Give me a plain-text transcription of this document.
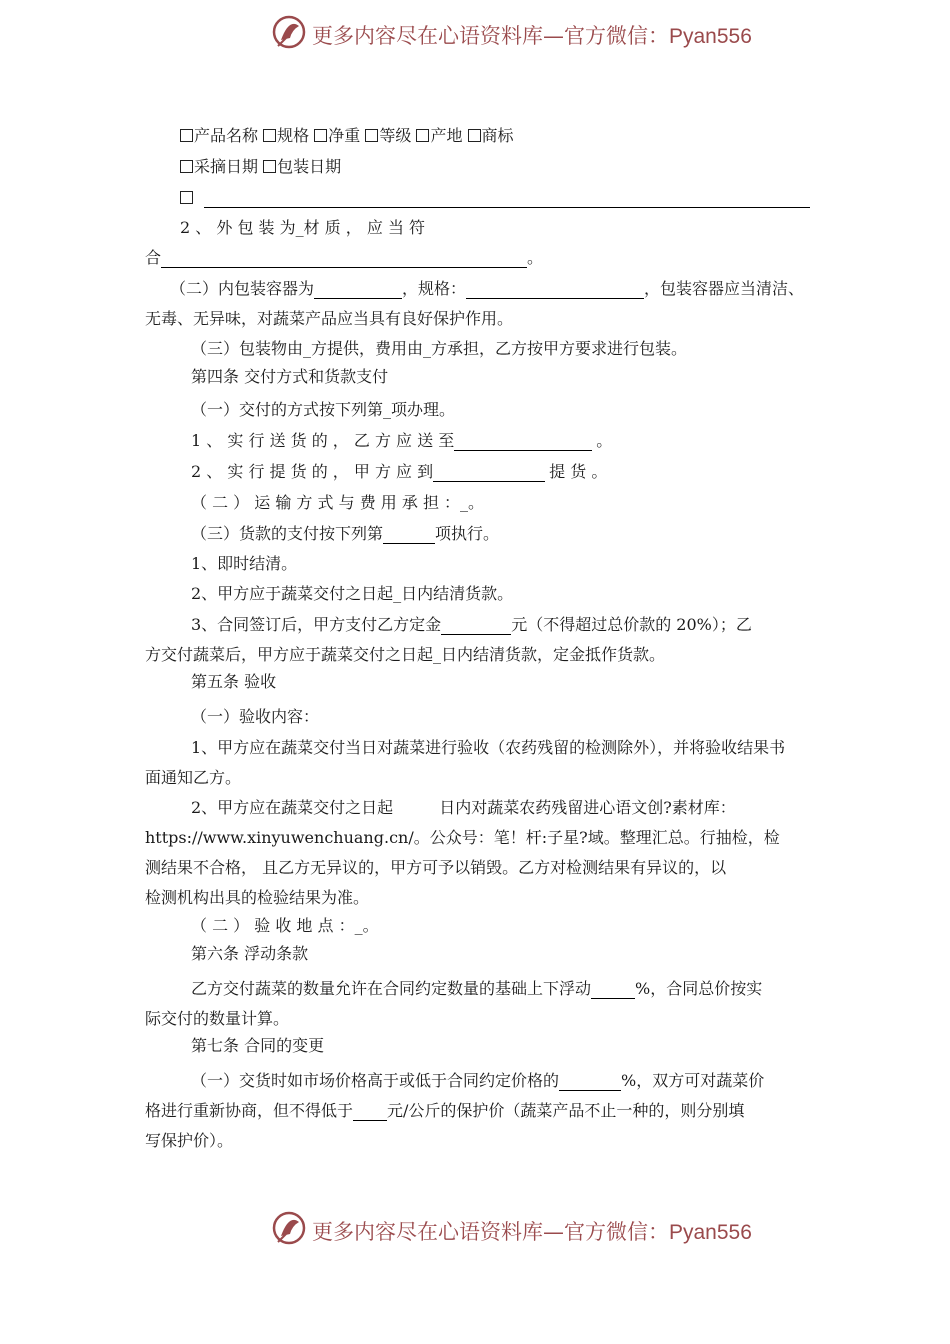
更多内容尽在心语资料库—官方微信：Pyan556
产品名称 规格 净重 等级 产地 商标
采摘日期 包装日期
2 、 外 包 装 为_材 质 ， 应 当 符
合	。
（二）内包装容器为	，规格：	，包装容器应当清洁、
无毒、无异味，对蔬菜产品应当具有良好保护作用。
（三）包装物由_方提供，费用由_方承担，乙方按甲方要求进行包装。
第四条 交付方式和货款支付
（一）交付的方式按下列第_项办理。
1 、 实 行 送 货 的 ， 乙 方 应 送 至	。
2 、 实 行 提 货 的 ， 甲 方 应 到	提 货 。
（ 二 ） 运 输 方 式 与 费 用 承 担 ：_。
（三）货款的支付按下列第	项执行。
1、即时结清。
2、甲方应于蔬菜交付之日起_日内结清货款。
3、合同签订后，甲方支付乙方定金	元（不得超过总价款的 20%）；乙
方交付蔬菜后，甲方应于蔬菜交付之日起_日内结清货款，定金抵作货款。
第五条 验收
（一）验收内容：
1、甲方应在蔬菜交付当日对蔬菜进行验收（农药残留的检测除外），并将验收结果书
面通知乙方。
2、甲方应在蔬菜交付之日起	日内对蔬菜农药残留进心语文创?素材库：
https://www.xinyuwenchuang.cn/。公众号：笔！杆:子星?域。整理汇总。行抽检，检
测结果不合格， 且乙方无异议的，甲方可予以销毁。乙方对检测结果有异议的，以
检测机构出具的检验结果为准。
（ 二 ） 验 收 地 点 ：_。
第六条 浮动条款
乙方交付蔬菜的数量允许在合同约定数量的基础上下浮动	%，合同总价按实
际交付的数量计算。
第七条 合同的变更
（一）交货时如市场价格高于或低于合同约定价格的	%，双方可对蔬菜价
格进行重新协商，但不得低于 元/公斤的保护价（蔬菜产品不止一种的，则分别填
写保护价）。
更多内容尽在心语资料库—官方微信：Pyan556
